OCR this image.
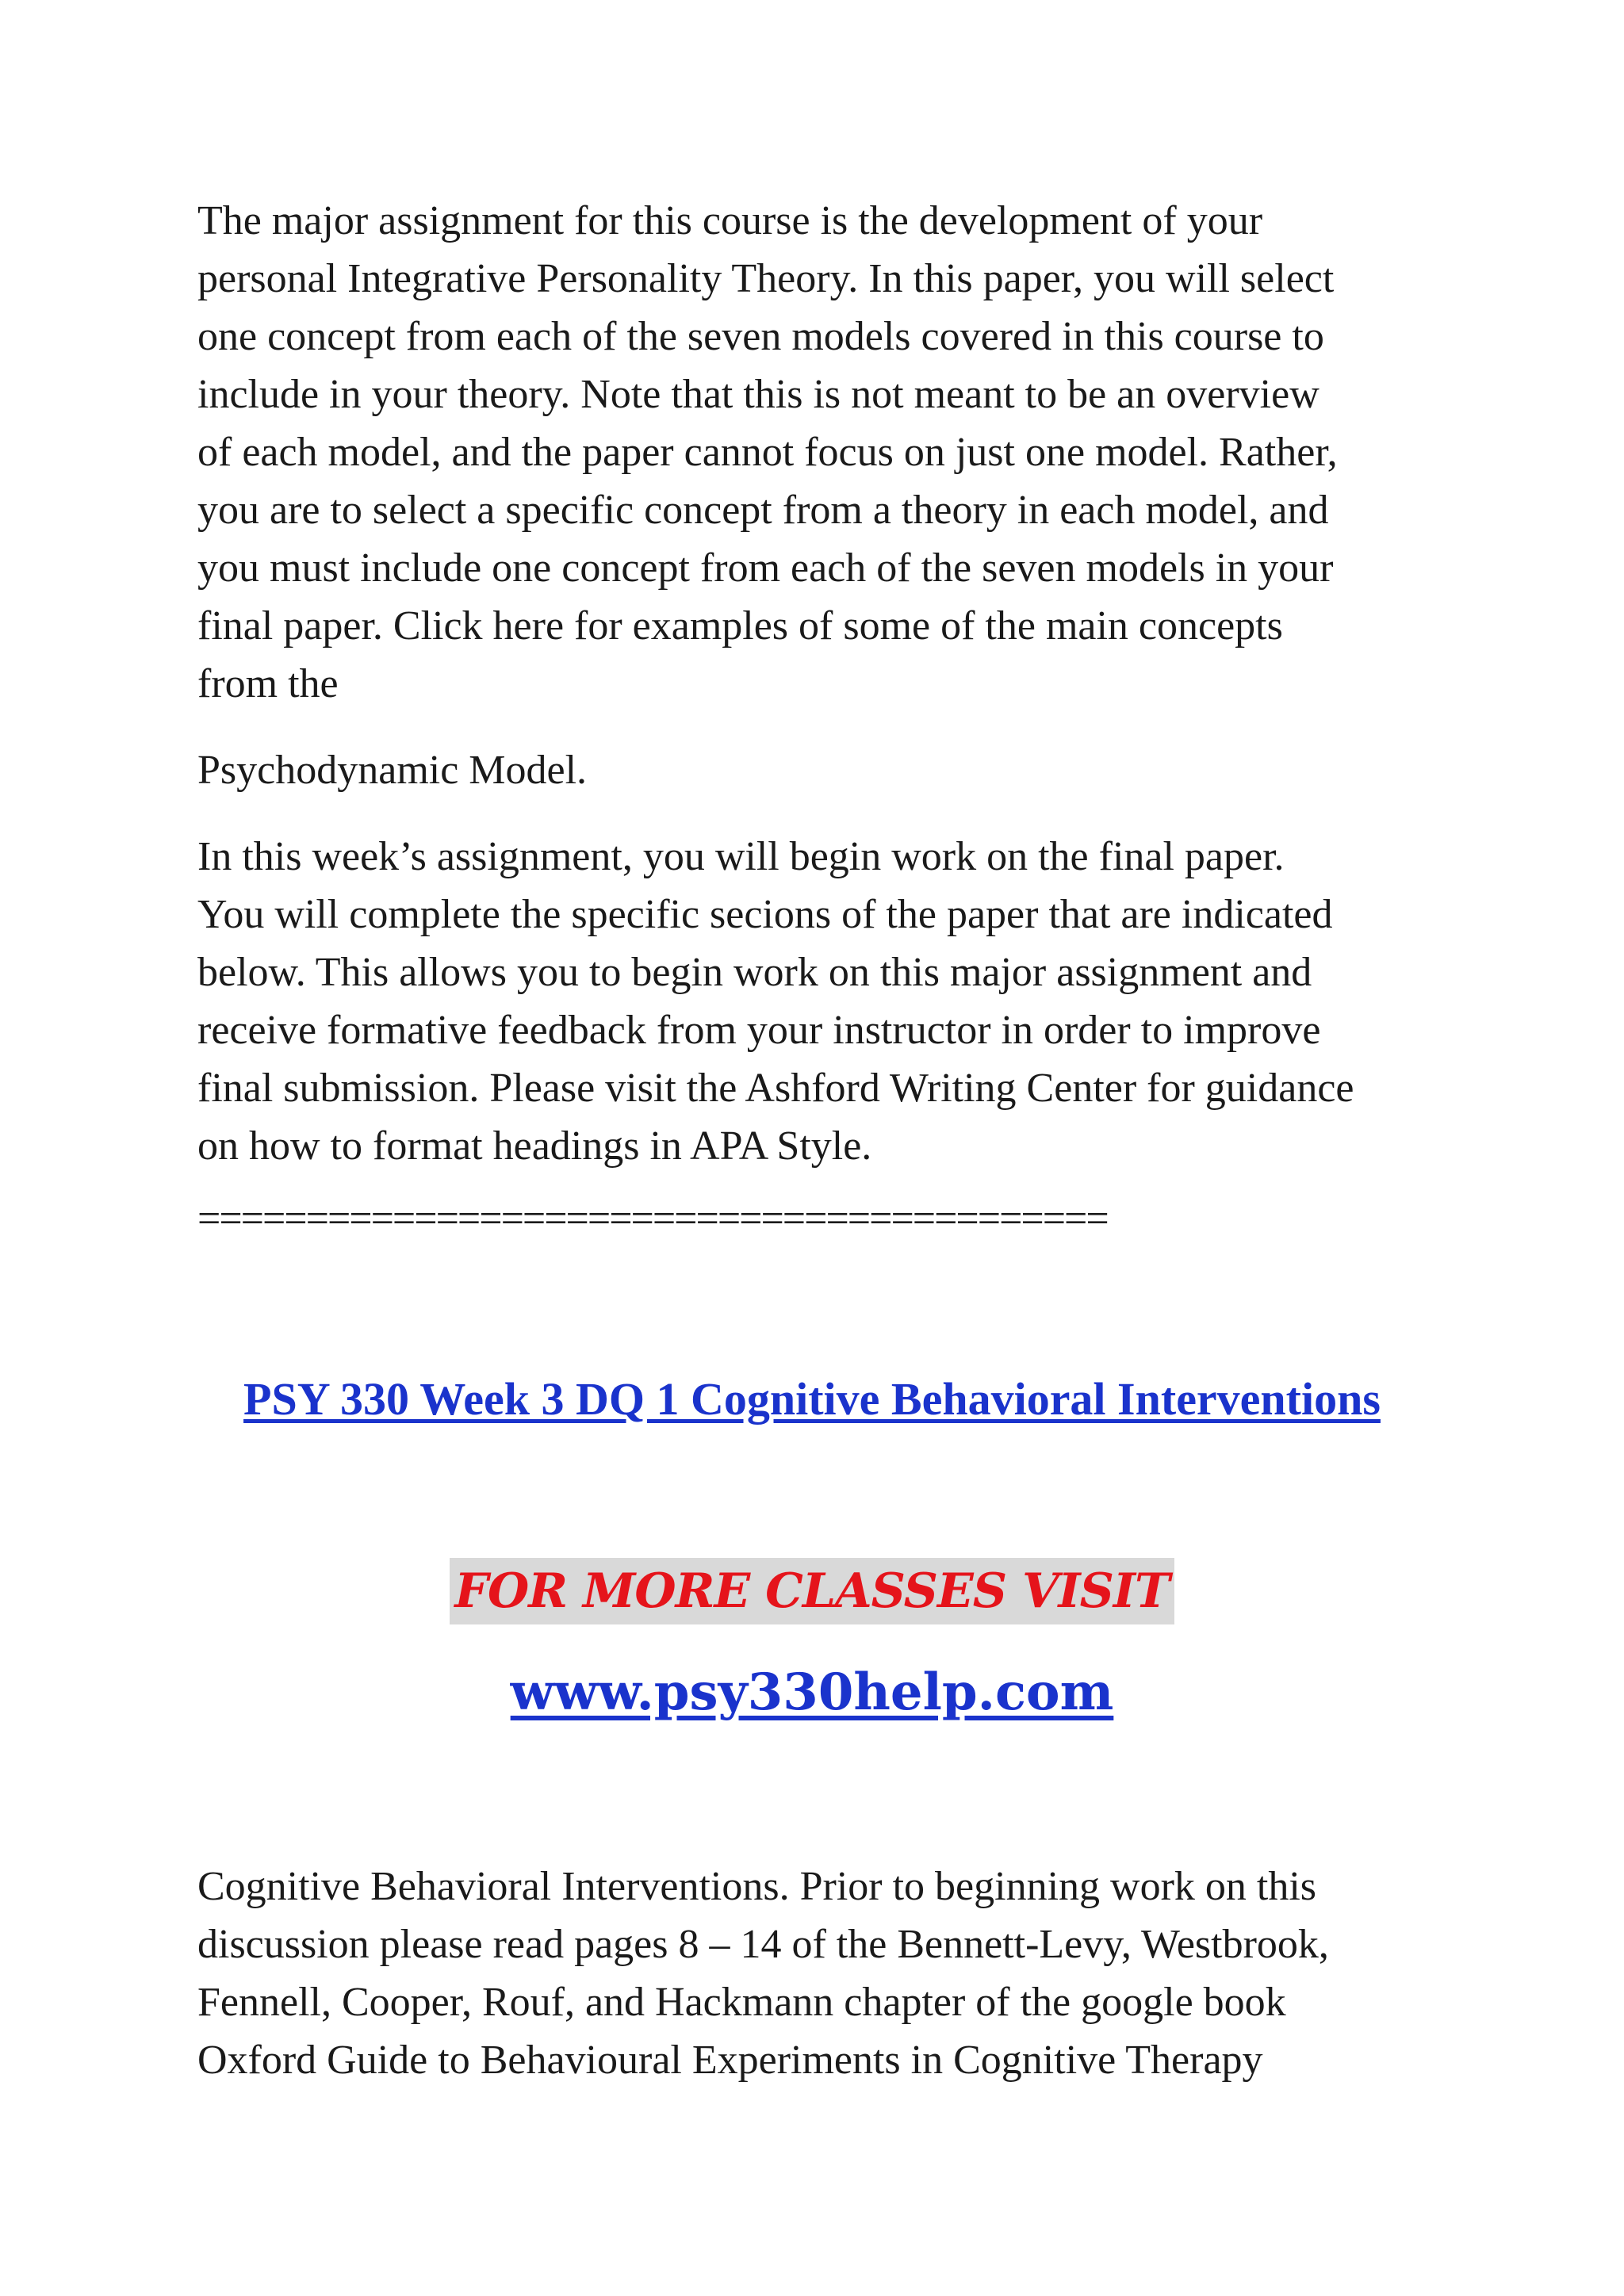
The major assignment for this course is the development of your
personal Integrative Personality Theory. In this paper, you will select
one concept from each of the seven models covered in this course to
include in your theory. Note that this is not meant to be an overview
of each model, and the paper cannot focus on just one model. Rather,
you are to select a specific concept from a theory in each model, and
you must include one concept from each of the seven models in your
final paper. Click here for examples of some of the main concepts
from the

Psychodynamic Model.

In this week’s assignment, you will begin work on the final paper.
You will complete the specific secions of the paper that are indicated
below. This allows you to begin work on this major assignment and
receive formative feedback from your instructor in order to improve
final submission. Please visit the Ashford Writing Center for guidance
on how to format headings in APA Style.

==========================================
PSY 330 Week 3 DQ 1 Cognitive Behavioral Interventions
FOR MORE CLASSES VISIT
www.psy330help.com

Cognitive Behavioral Interventions. Prior to beginning work on this
discussion please read pages 8 – 14 of the Bennett-Levy, Westbrook,
Fennell, Cooper, Rouf, and Hackmann chapter of the google book
Oxford Guide to Behavioural Experiments in Cognitive Therapy
